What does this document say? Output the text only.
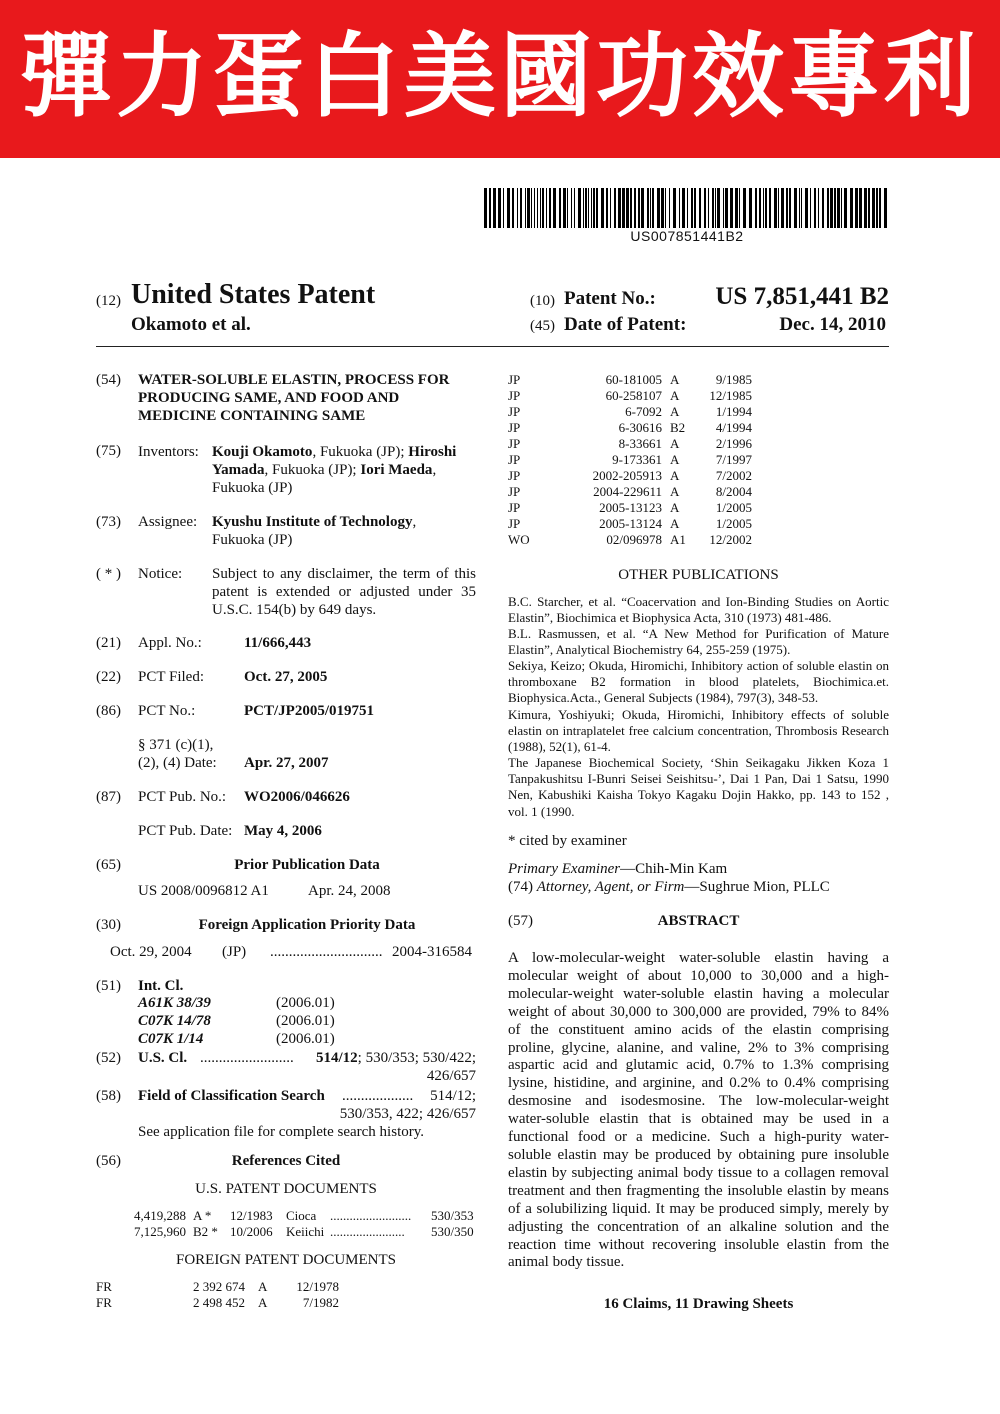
彈力蛋白美國功效專利
US007851441B2
(12) United States Patent
Okamoto et al.
(10) Patent No.: US 7,851,441 B2
(45) Date of Patent:	Dec. 14, 2010
(54) WATER-SOLUBLE ELASTIN, PROCESS FOR
PRODUCING SAME, AND FOOD AND
MEDICINE CONTAINING SAME
(75) Inventors: Kouji Okamoto, Fukuoka (JP); Hiroshi
Yamada, Fukuoka (JP); Iori Maeda,
Fukuoka (JP)
(73) Assignee: Kyushu Institute of Technology,
Fukuoka (JP)
( * ) Notice: Subject to any disclaimer, the term of this
patent is extended or adjusted under 35
U.S.C. 154(b) by 649 days.
(21) Appl. No.:	11/666,443
(22) PCT Filed:	Oct. 27, 2005
(86) PCT No.:	PCT/JP2005/019751
§ 371 (c)(1),
(2), (4) Date: Apr. 27, 2007
(87) PCT Pub. No.: WO2006/046626
PCT Pub. Date: May 4, 2006
(65)	Prior Publication Data
US 2008/0096812 A1	Apr. 24, 2008
(30)	Foreign Application Priority Data
Oct. 29, 2004 (JP) .............................. 2004-316584
(51) Int. Cl.
A61K 38/39	(2006.01)
C07K 14/78	(2006.01)
C07K 1/14	(2006.01)
(52) U.S. Cl. ......................... 514/12; 530/353; 530/422;
426/657
(58) Field of Classification Search ................... 514/12;
530/353, 422; 426/657
See application file for complete search history.
(56)	References Cited
U.S. PATENT DOCUMENTS
4,419,288 A * 12/1983 Cioca ......................... 530/353
7,125,960 B2 * 10/2006 Keiichi ....................... 530/350
FOREIGN PATENT DOCUMENTS
FR	2 392 674 A 12/1978
FR	2 498 452 A	7/1982
JP	60-181005 A	9/1985
JP	60-258107 A 12/1985
JP	6-7092 A	1/1994
JP	6-30616 B2 4/1994
JP	8-33661 A	2/1996
JP	9-173361 A	7/1997
JP	2002-205913 A	7/2002
JP	2004-229611 A	8/2004
JP	2005-13123 A	1/2005
JP	2005-13124 A	1/2005
WO	02/096978 A1 12/2002
OTHER PUBLICATIONS
B.C. Starcher, et al. “Coacervation and Ion-Binding Studies on Aortic Elastin”, Biochimica et Biophysica Acta, 310 (1973) 481-486.
B.L. Rasmussen, et al. “A New Method for Purification of Mature Elastin”, Analytical Biochemistry 64, 255-259 (1975).
Sekiya, Keizo; Okuda, Hiromichi, Inhibitory action of soluble elastin on thromboxane B2 formation in blood platelets, Biochimica.et. Biophysica.Acta., General Subjects (1984), 797(3), 348-53.
Kimura, Yoshiyuki; Okuda, Hiromichi, Inhibitory effects of soluble elastin on intraplatelet free calcium concentration, Thrombosis Research (1988), 52(1), 61-4.
The Japanese Biochemical Society, ‘Shin Seikagaku Jikken Koza 1 Tanpakushitsu I-Bunri Seisei Seishitsu-’, Dai 1 Pan, Dai 1 Satsu, 1990 Nen, Kabushiki Kaisha Tokyo Kagaku Dojin Hakko, pp. 143 to 152 , vol. 1 (1990.
* cited by examiner
Primary Examiner—Chih-Min Kam
(74) Attorney, Agent, or Firm—Sughrue Mion, PLLC
(57)	ABSTRACT
A low-molecular-weight water-soluble elastin having a molecular weight of about 10,000 to 30,000 and a high-molecular-weight water-soluble elastin having a molecular weight of about 30,000 to 300,000 are provided, 79% to 84% of the constituent amino acids of the elastin comprising proline, glycine, alanine, and valine, 2% to 3% comprising aspartic acid and glutamic acid, 0.7% to 1.3% comprising lysine, histidine, and arginine, and 0.2% to 0.4% comprising desmosine and isodesmosine. The low-molecular-weight water-soluble elastin that is obtained may be used in a functional food or a medicine. Such a high-purity water-soluble elastin may be produced by obtaining pure insoluble elastin by subjecting animal body tissue to a collagen removal treatment and then fragmenting the insoluble elastin by means of a solubilizing liquid. It may be produced simply, merely by adjusting the concentration of an alkaline solution and the reaction time without recovering insoluble elastin from the animal body tissue.
16 Claims, 11 Drawing Sheets
